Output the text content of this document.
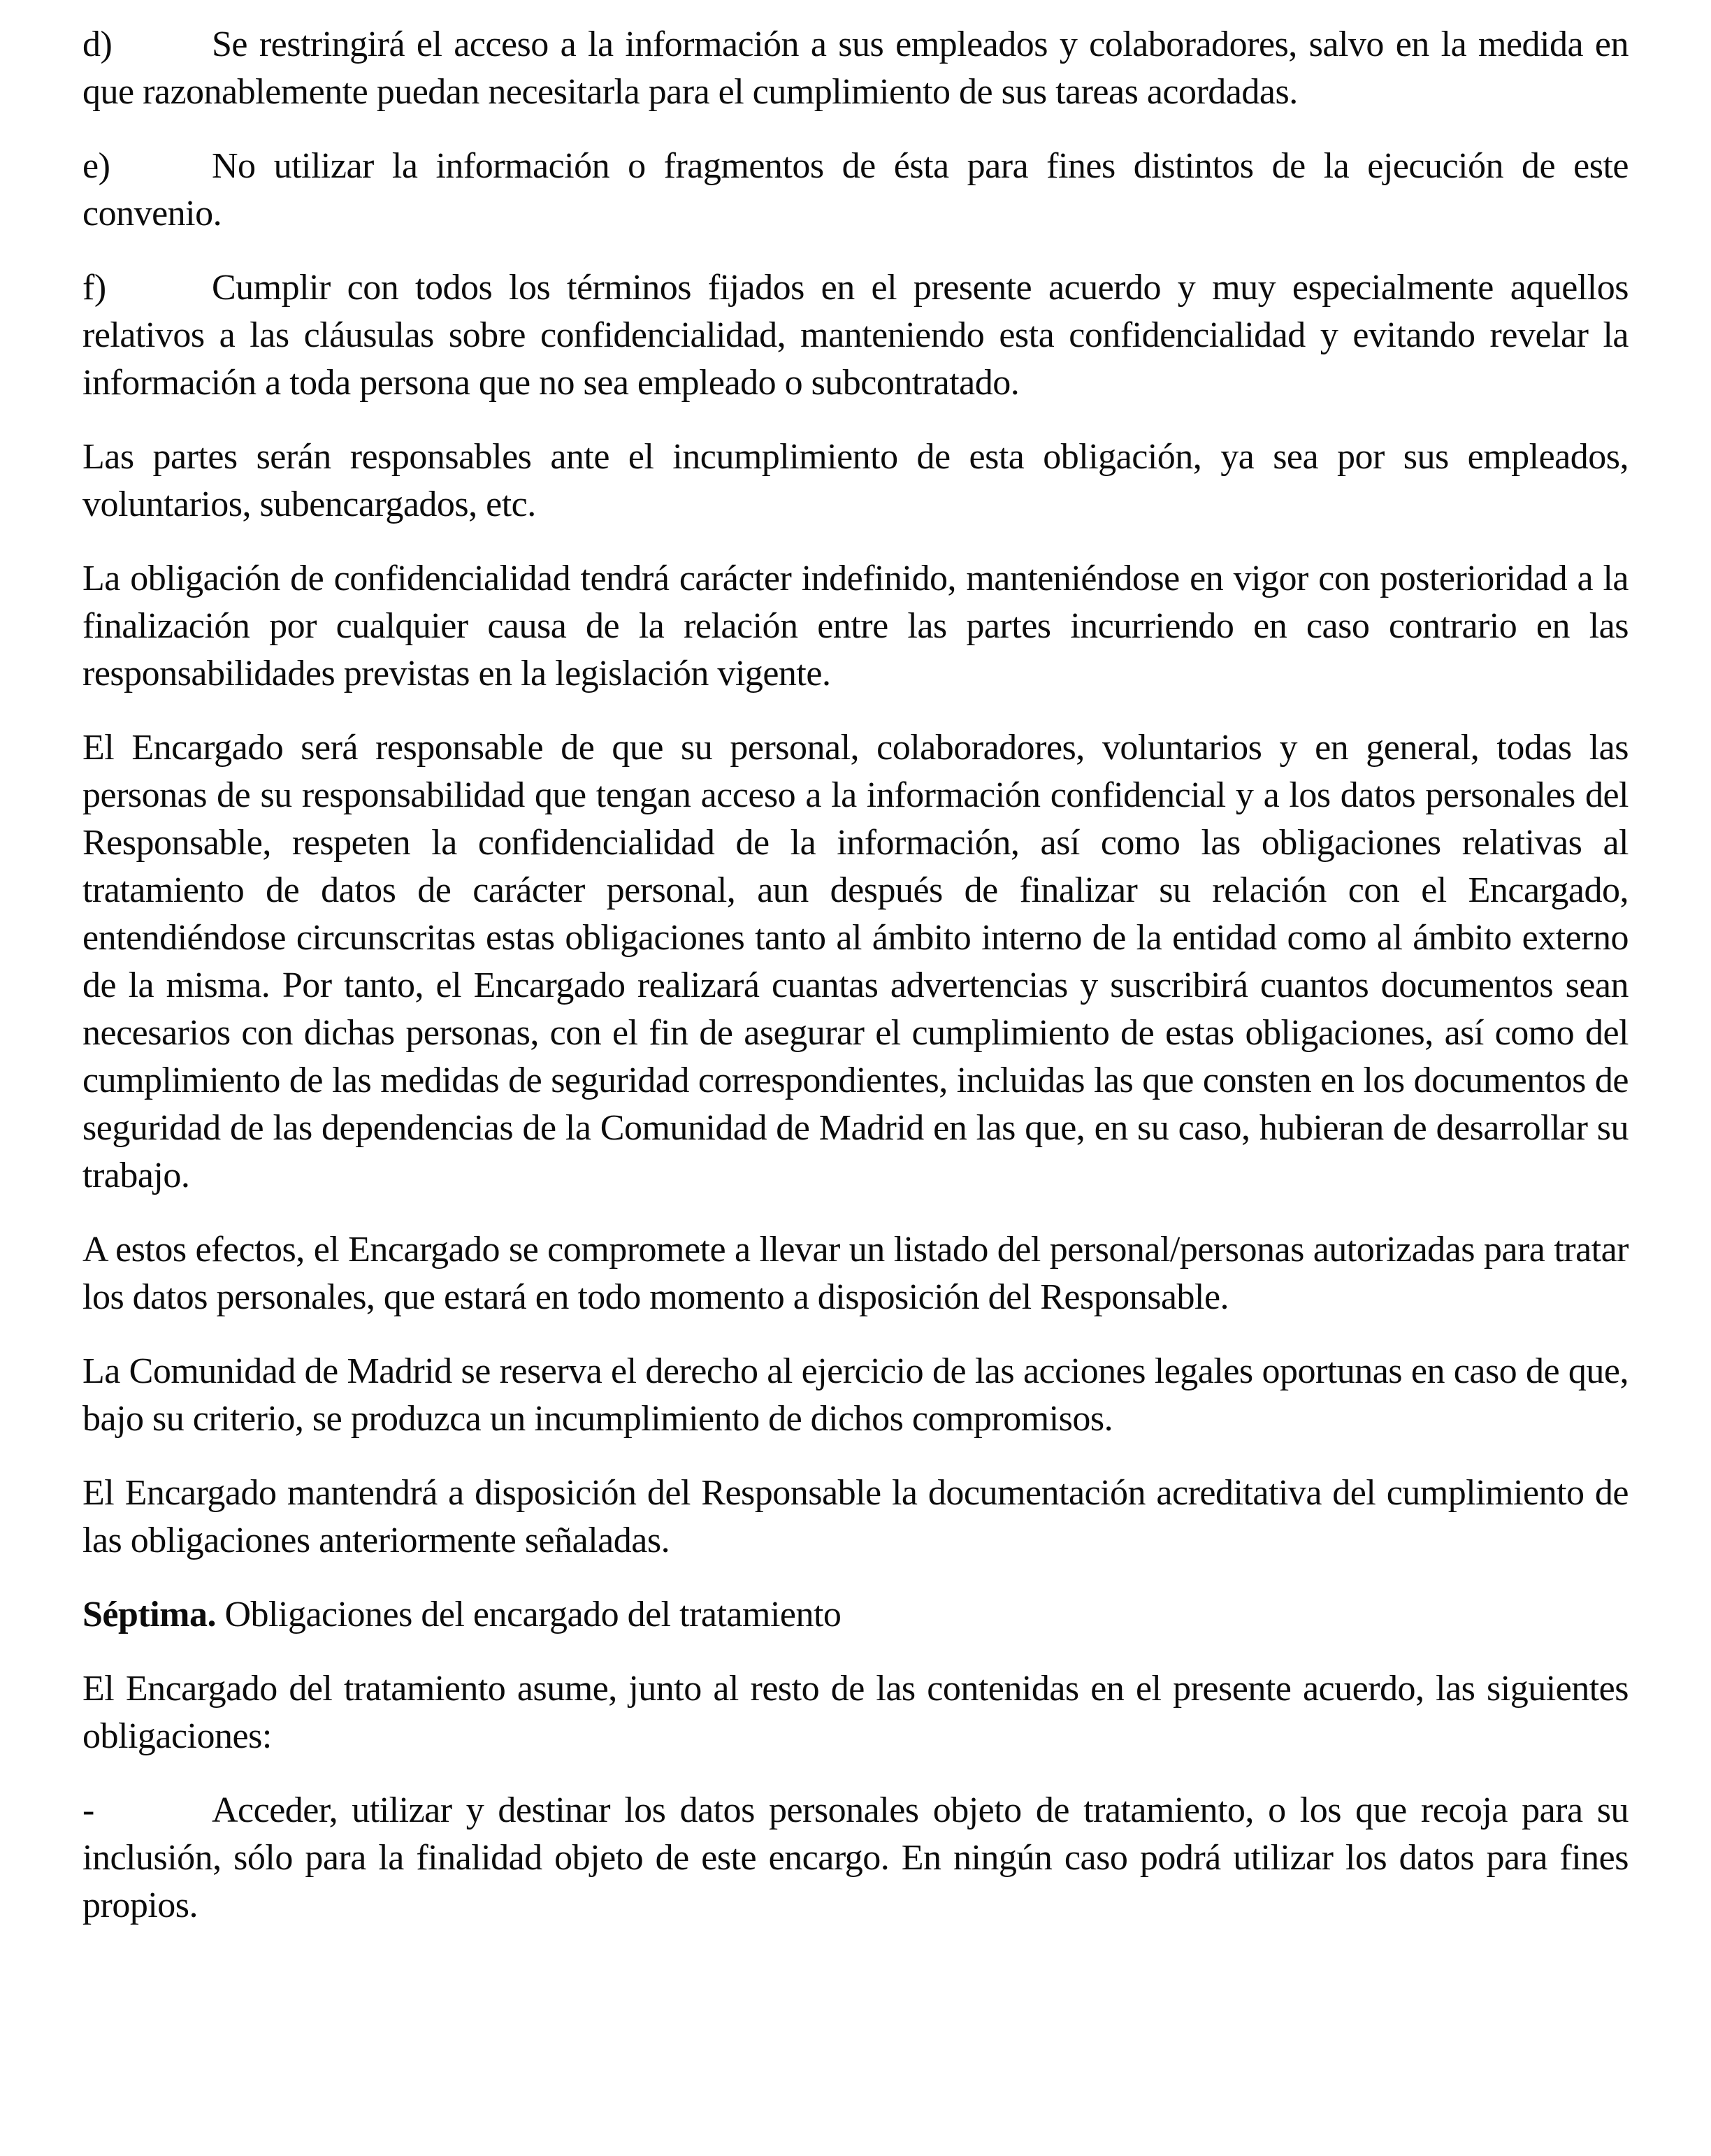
d)	Se restringirá el acceso a la información a sus empleados y colaboradores, salvo en la medida en que razonablemente puedan necesitarla para el cumplimiento de sus tareas acordadas.

e)	No utilizar la información o fragmentos de ésta para fines distintos de la ejecución de este convenio.

f)	Cumplir con todos los términos fijados en el presente acuerdo y muy especialmente aquellos relativos a las cláusulas sobre confidencialidad, manteniendo esta confidencialidad y evitando revelar la información a toda persona que no sea empleado o subcontratado.

Las partes serán responsables ante el incumplimiento de esta obligación, ya sea por sus empleados, voluntarios, subencargados, etc.

La obligación de confidencialidad tendrá carácter indefinido, manteniéndose en vigor con posterioridad a la finalización por cualquier causa de la relación entre las partes incurriendo en caso contrario en las responsabilidades previstas en la legislación vigente.

El Encargado será responsable de que su personal, colaboradores, voluntarios y en general, todas las personas de su responsabilidad que tengan acceso a la información confidencial y a los datos personales del Responsable, respeten la confidencialidad de la información, así como las obligaciones relativas al tratamiento de datos de carácter personal, aun después de finalizar su relación con el Encargado, entendiéndose circunscritas estas obligaciones tanto al ámbito interno de la entidad como al ámbito externo de la misma. Por tanto, el Encargado realizará cuantas advertencias y suscribirá cuantos documentos sean necesarios con dichas personas, con el fin de asegurar el cumplimiento de estas obligaciones, así como del cumplimiento de las medidas de seguridad correspondientes, incluidas las que consten en los documentos de seguridad de las dependencias de la Comunidad de Madrid en las que, en su caso, hubieran de desarrollar su trabajo.

A estos efectos, el Encargado se compromete a llevar un listado del personal/personas autorizadas para tratar los datos personales, que estará en todo momento a disposición del Responsable.

La Comunidad de Madrid se reserva el derecho al ejercicio de las acciones legales oportunas en caso de que, bajo su criterio, se produzca un incumplimiento de dichos compromisos.

El Encargado mantendrá a disposición del Responsable la documentación acreditativa del cumplimiento de las obligaciones anteriormente señaladas.

Séptima. Obligaciones del encargado del tratamiento

El Encargado del tratamiento asume, junto al resto de las contenidas en el presente acuerdo, las siguientes obligaciones:

-	Acceder, utilizar y destinar los datos personales objeto de tratamiento, o los que recoja para su inclusión, sólo para la finalidad objeto de este encargo. En ningún caso podrá utilizar los datos para fines propios.
